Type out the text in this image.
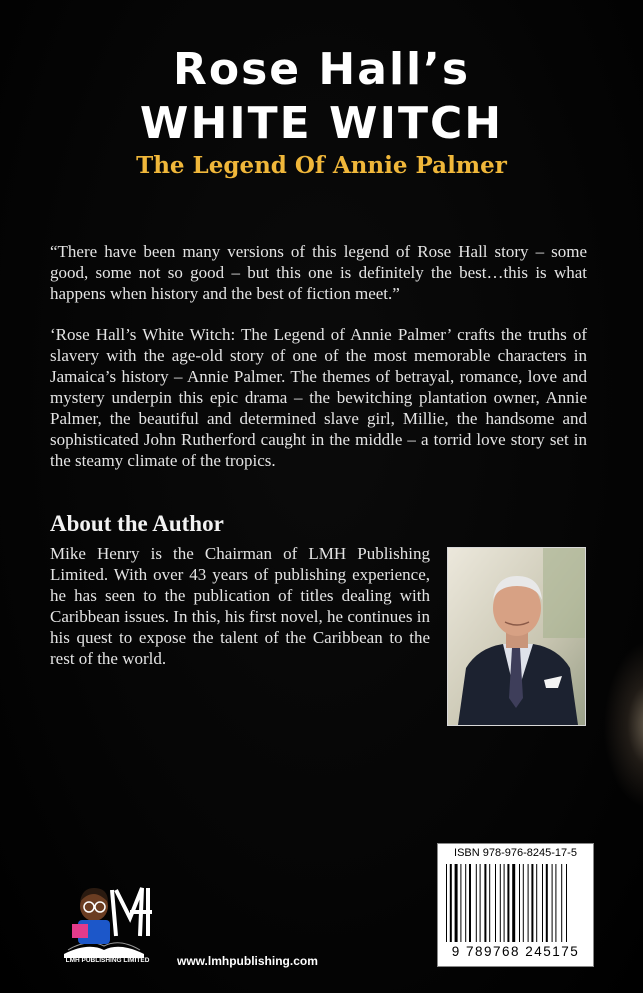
Rose Hall’s
WHITE WITCH
The Legend Of Annie Palmer

“There have been many versions of this legend of Rose Hall story – some good, some not so good – but this one is definitely the best…this is what happens when history and the best of fiction meet.”

‘Rose Hall’s White Witch: The Legend of Annie Palmer’ crafts the truths of slavery with the age-old story of one of the most memorable characters in Jamaica’s history – Annie Palmer. The themes of betrayal, romance, love and mystery underpin this epic drama – the bewitching plantation owner, Annie Palmer, the beautiful and determined slave girl, Millie, the handsome and sophisticated John Rutherford caught in the middle – a torrid love story set in the steamy climate of the tropics.

About the Author

Mike Henry is the Chairman of LMH Publishing Limited. With over 43 years of publishing experience, he has seen to the publication of titles dealing with Caribbean issues. In this, his first novel, he continues in his quest to expose the talent of the Caribbean to the rest of the world.

ISBN 978-976-8245-17-5
9 789768 245175
LMH PUBLISHING LIMITED	www.lmhpublishing.com
